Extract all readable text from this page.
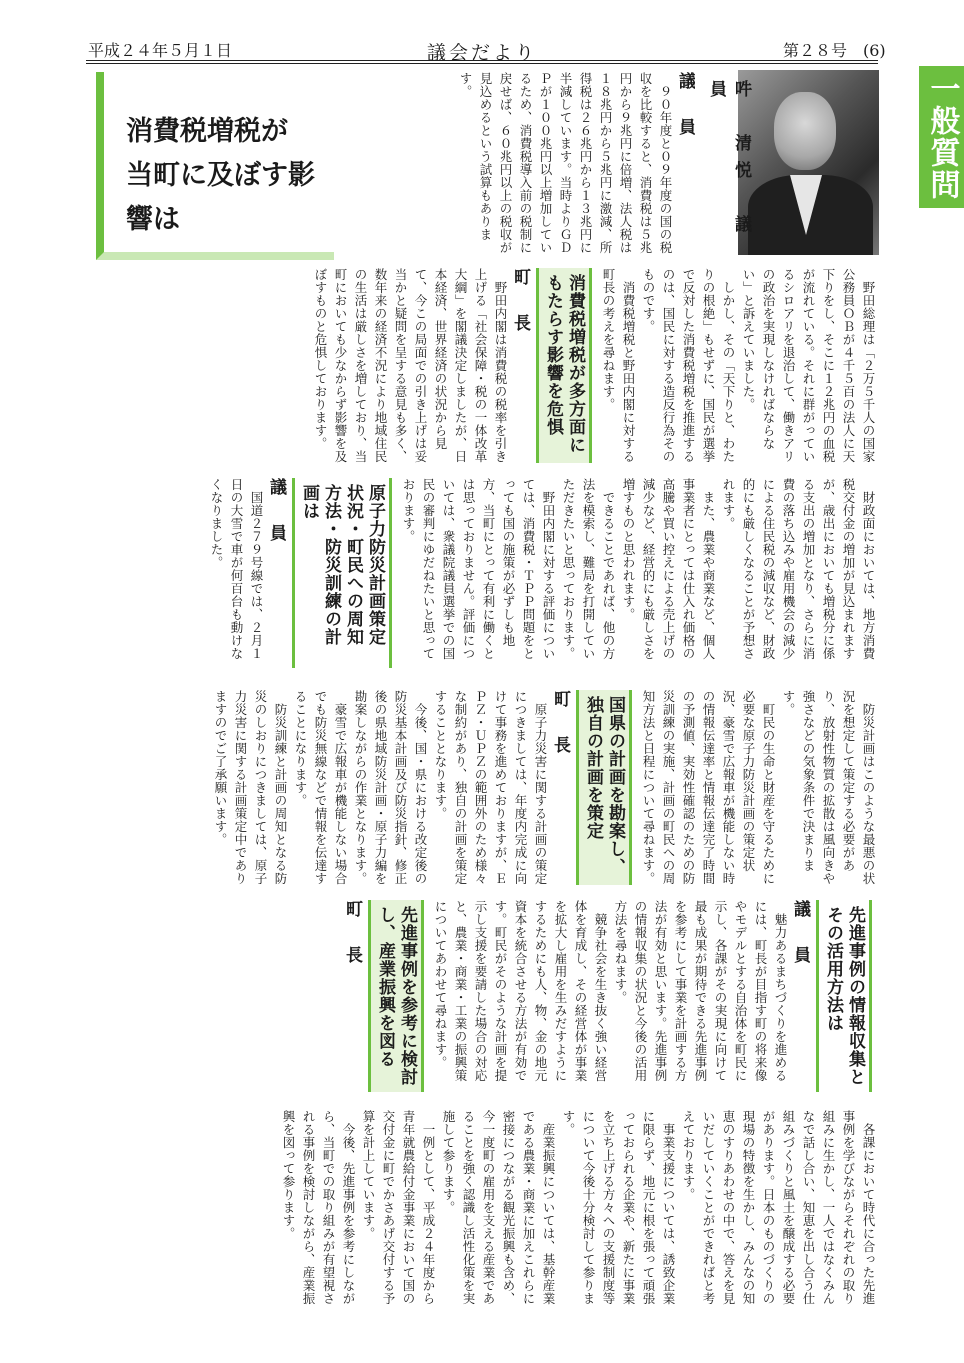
平成２４年５月１日	議会だより	第２８号　(6)
一般質問
消費税増税が
当町に及ぼす影響は	吽　清悦　議員
議　員

９０年度と０９年度の国の税収を比較すると、消費税は５兆円から９兆円に倍増、法人税は１８兆円から５兆円に激減、所得税は２６兆円から１３兆円に半減しています。当時よりＧＤＰが１００兆円以上増加しているため、消費税導入前の税制に戻せば、６０兆円以上の税収が見込めるという試算もあります。

野田総理は「２万５千人の国家公務員ＯＢが４千５百の法人に天下りをし、そこに１２兆円の血税が流れている。それに群がっているシロアリを退治して、働きアリの政治を実現しなければならない」と訴えていました。

しかし、その「天下りと、わたりの根絶」もせずに、国民が選挙で反対した消費税増税を推進するのは、国民に対する造反行為そのものです。

消費税増税と野田内閣に対する町長の考えを尋ねます。

消費税増税が多方面にもたらす影響を危惧
町　長

野田内閣は消費税の税率を引き上げる「社会保障・税の一体改革大綱」を閣議決定しましたが、日本経済、世界経済の状況から見て、今この局面での引き上げは妥当かと疑問を呈する意見も多く、数年来の経済不況により地域住民の生活は厳しさを増しており、当町においても少なからず影響を及ぼすものと危惧しております。

財政面においては、地方消費税交付金の増加が見込まれますが、歳出においても増税分に係る支出の増加となり、さらに消費の落ち込みや雇用機会の減少による住民税の減収など、財政的にも厳しくなることが予想されます。

また、農業や商業など、個人事業者にとっては仕入れ価格の高騰や買い控えによる売上げの減少など、経営的にも厳しさを増すものと思われます。

できることであれば、他の方法を模索し、難局を打開していただきたいと思っております。

野田内閣に対する評価については、消費税・ＴＰＰ問題をとっても国の施策が必ずしも地方、当町にとって有利に働くとは思っておりません。評価については、衆議院議員選挙での国民の審判にゆだねたいと思っております。

原子力防災計画策定状況・町民への周知方法・防災訓練の計画は
議　員

国道２７９号線では、２月１日の大雪で車が何百台も動けなくなりました。

防災計画はこのような最悪の状況を想定して策定する必要があり、放射性物質の拡散は風向きや強さなどの気象条件で決まります。

町民の生命と財産を守るために必要な原子力防災計画の策定状況、豪雪で広報車が機能しない時の情報伝達率と情報伝達完了時間の予測値、実効性確認のための防災訓練の実施、計画の町民への周知方法と日程について尋ねます。

国県の計画を勘案し、独自の計画を策定
町　長

原子力災害に関する計画の策定につきましては、年度内完成に向けて事務を進めておりますが、ＥＰＺ・ＵＰＺの範囲外のため様々な制約があり、独自の計画を策定することとなります。

今後、国・県における改定後の防災基本計画及び防災指針、修正後の県地域防災計画・原子力編を勘案しながらの作業となります。

豪雪で広報車が機能しない場合でも防災無線などで情報を伝達することになります。

防災訓練と計画の周知となる防災のしおりにつきましては、原子力災害に関する計画策定中でありますのでご了承願います。

先進事例の情報収集とその活用方法は
議　員

魅力あるまちづくりを進めるには、町長が目指す町の将来像やモデルとする自治体を町民に示し、各課がその実現に向けて最も成果が期待できる先進事例を参考にして事業を計画する方法が有効と思います。先進事例の情報収集の状況と今後の活用方法を尋ねます。

競争社会を生き抜く強い経営体を育成し、その経営体が事業を拡大し雇用を生みだすようにするためにも人、物、金の地元資本を統合させる方法が有効です。町民がそのような計画を提示し支援を要請した場合の対応と、農業・商業・工業の振興策についてあわせて尋ねます。

先進事例を参考に検討し、産業振興を図る
町　長

各課において時代に合った先進事例を学びながらそれぞれの取り組みに生かし、一人ではなくみんなで話し合い、知恵を出し合う仕組みづくりと風土を醸成する必要があります。日本のものづくりの現場の特徴を生かし、みんなの知恵のすりあわせの中で、答えを見いだしていくことができればと考えております。

事業支援については、誘致企業に限らず、地元に根を張って頑張っておられる企業や、新たに事業を立ち上げる方々への支援制度等について今後十分検討して参ります。

産業振興については、基幹産業である農業・商業に加えこれらに密接につながる観光振興も含め、今一度町の雇用を支える産業であることを強く認識し活性化策を実施して参ります。

一例として、平成２４年度から青年就農給付金事業において国の交付金に町でかさあげ交付する予算を計上しています。

今後、先進事例を参考にしながら、当町での取り組みが有望視される事例を検討しながら、産業振興を図って参ります。
